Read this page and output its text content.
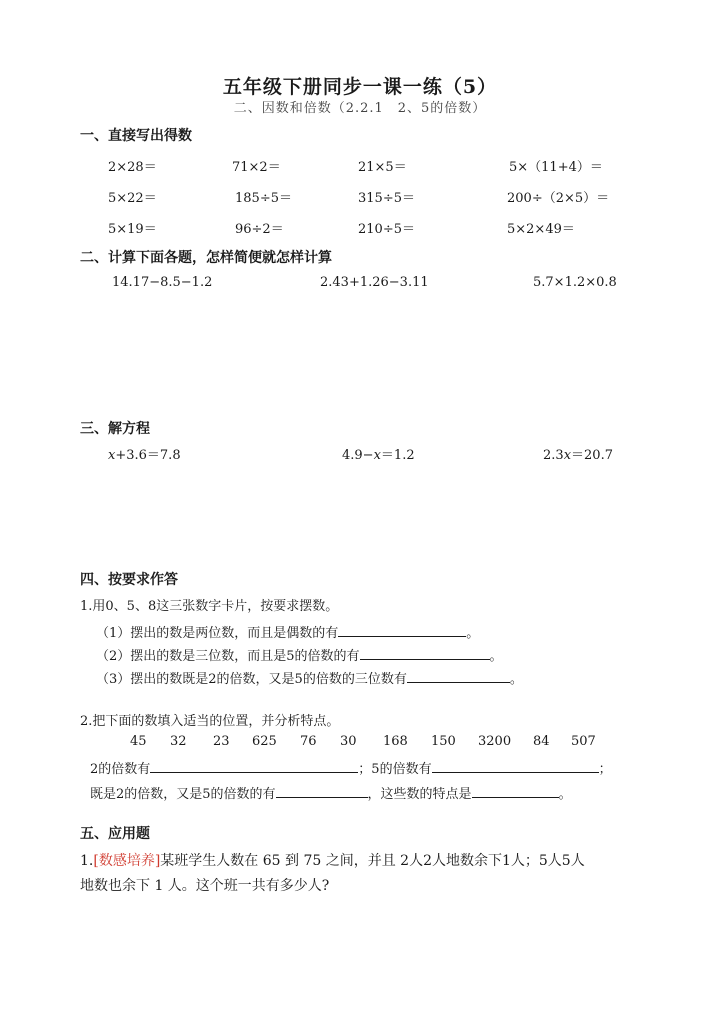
五年级下册同步一课一练（5）
二、因数和倍数（2.2.1　2、5的倍数）
一、直接写出得数
2×28＝	71×2＝	21×5＝	5×（11+4）＝
5×22＝	185÷5＝	315÷5＝	200÷（2×5）＝
5×19＝	96÷2＝	210÷5＝	5×2×49＝
二、计算下面各题，怎样简便就怎样计算
14.17−8.5−1.2	2.43+1.26−3.11	5.7×1.2×0.8
三、解方程
x+3.6＝7.8	4.9−x＝1.2	2.3x＝20.7
四、按要求作答
1.用0、5、8这三张数字卡片，按要求摆数。
（1）摆出的数是两位数，而且是偶数的有	。
（2）摆出的数是三位数，而且是5的倍数的有	。
（3）摆出的数既是2的倍数，又是5的倍数的三位数有	。
2.把下面的数填入适当的位置，并分析特点。
45 32 23 625 76 30 168 150 3200 84 507
2的倍数有	；5的倍数有	；
既是2的倍数，又是5的倍数的有	，这些数的特点是	。
五、应用题
1.[数感培养]某班学生人数在 65 到 75 之间，并且 2人2人地数余下1人；5人5人
地数也余下 1 人。这个班一共有多少人?
